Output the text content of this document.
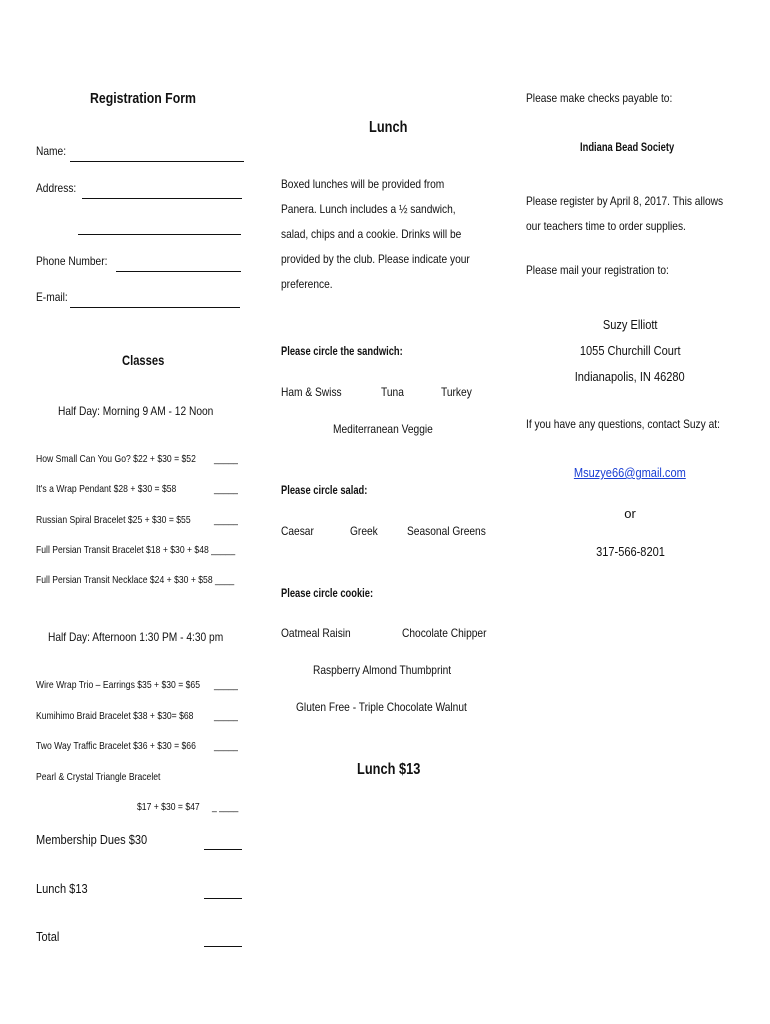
Registration Form
Name:
Address:
Phone Number:
E-mail:
Classes
Half Day: Morning 9 AM - 12 Noon
How Small Can You Go? $22 + $30 = $52	_____
It's a Wrap Pendant $28 + $30 = $58	_____
Russian Spiral Bracelet $25 + $30 = $55	_____
Full Persian Transit Bracelet $18 + $30 + $48 _____
Full Persian Transit Necklace $24 + $30 + $58 ____
Half Day: Afternoon 1:30 PM - 4:30 pm
Wire Wrap Trio – Earrings $35 + $30 = $65	_____
Kumihimo Braid Bracelet $38 + $30= $68	_____
Two Way Traffic Bracelet $36 + $30 = $66	_____
Pearl & Crystal Triangle Bracelet
$17 + $30 = $47	_ ____
Membership Dues $30
Lunch $13
Total
Lunch
Boxed lunches will be provided from
Panera. Lunch includes a ½ sandwich,
salad, chips and a cookie. Drinks will be
provided by the club. Please indicate your
preference.
Please circle the sandwich:
Ham & Swiss	Tuna	Turkey
Mediterranean Veggie
Please circle salad:
Caesar	Greek	Seasonal Greens
Please circle cookie:
Oatmeal Raisin	Chocolate Chipper
Raspberry Almond Thumbprint
Gluten Free - Triple Chocolate Walnut
Lunch $13
Please make checks payable to:
Indiana Bead Society
Please register by April 8, 2017. This allows
our teachers time to order supplies.
Please mail your registration to:
Suzy Elliott
1055 Churchill Court
Indianapolis, IN 46280
If you have any questions, contact Suzy at:
Msuzye66@gmail.com
or
317-566-8201
